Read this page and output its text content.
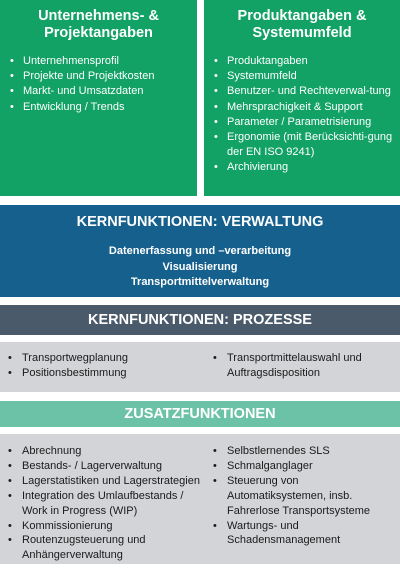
Unternehmens- &
Projektangaben
• Unternehmensprofil
• Projekte und Projektkosten
• Markt- und Umsatzdaten
• Entwicklung / Trends
Produktangaben &
Systemumfeld
• Produktangaben
• Systemumfeld
• Benutzer- und Rechteverwal-tung
• Mehrsprachigkeit & Support
• Parameter / Parametrisierung
• Ergonomie (mit Berücksichti-gung der EN ISO 9241)
• Archivierung
KERNFUNKTIONEN: VERWALTUNG
Datenerfassung und –verarbeitung
Visualisierung
Transportmittelverwaltung
KERNFUNKTIONEN: PROZESSE
• Transportwegplanung
• Positionsbestimmung
• Transportmittelauswahl und Auftragsdisposition
ZUSATZFUNKTIONEN
• Abrechnung
• Bestands- / Lagerverwaltung
• Lagerstatistiken und Lagerstrategien
• Integration des Umlaufbestands / Work in Progress (WIP)
• Kommissionierung
• Routenzugsteuerung und Anhängerverwaltung
• Selbstlernendes SLS
• Schmalganglager
• Steuerung von Automatiksystemen, insb. Fahrerlose Transportsysteme
• Wartungs- und Schadensmanagement
